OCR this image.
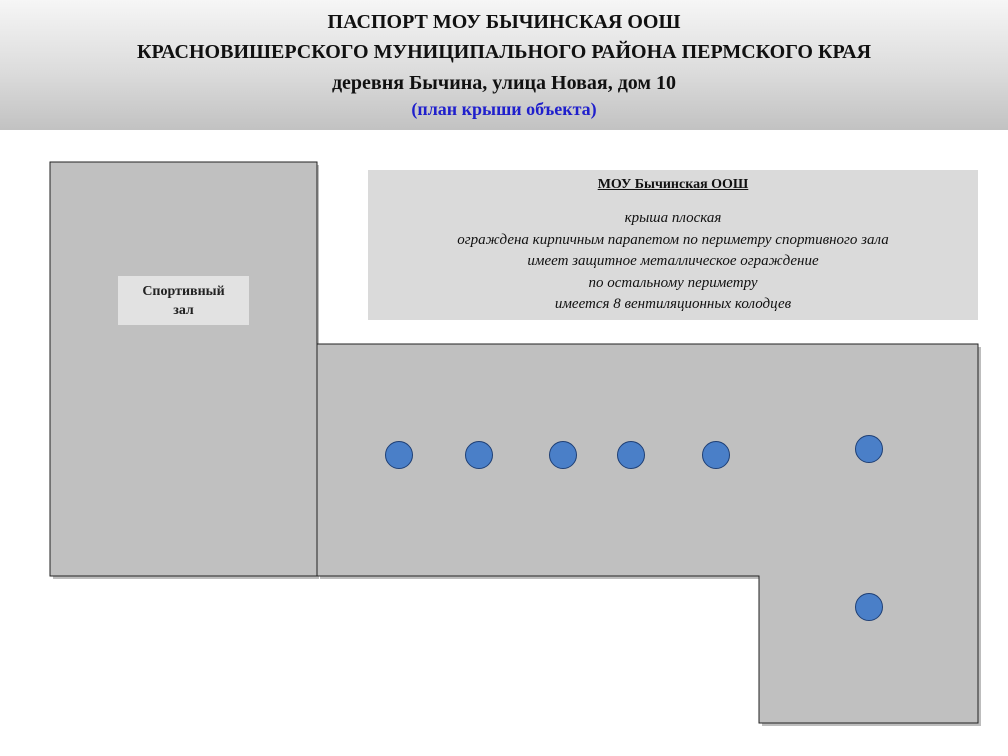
ПАСПОРТ МОУ БЫЧИНСКАЯ ООШ
КРАСНОВИШЕРСКОГО МУНИЦИПАЛЬНОГО РАЙОНА ПЕРМСКОГО КРАЯ
деревня Бычина, улица Новая, дом 10
(план крыши объекта)
Спортивный
зал
МОУ Бычинская ООШ
крыша плоская
ограждена кирпичным парапетом по периметру спортивного зала
имеет защитное металлическое ограждение
по остальному периметру
имеется 8 вентиляционных колодцев
